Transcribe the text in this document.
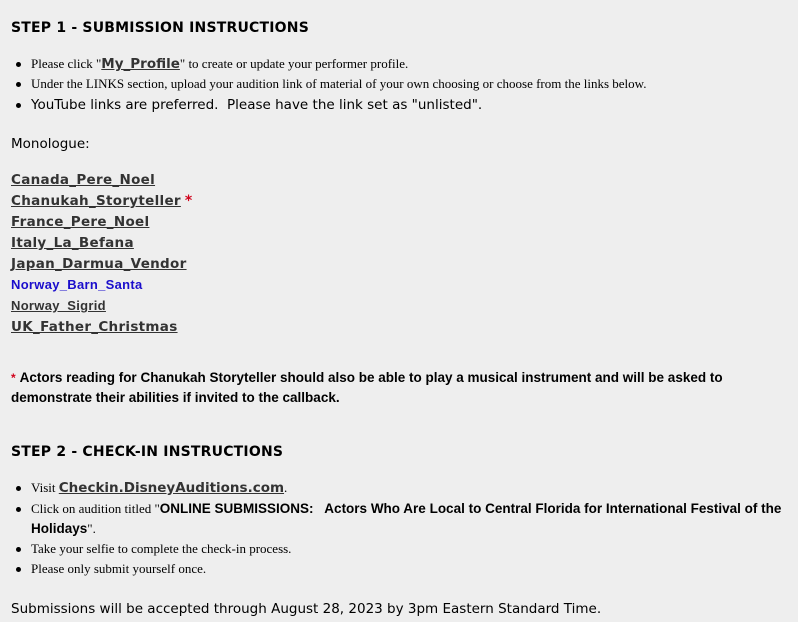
STEP 1 - SUBMISSION INSTRUCTIONS
Please click "My_Profile" to create or update your performer profile.
Under the LINKS section, upload your audition link of material of your own choosing or choose from the links below.
YouTube links are preferred.  Please have the link set as "unlisted".
Monologue:
Canada_Pere_Noel
Chanukah_Storyteller *
France_Pere_Noel
Italy_La_Befana
Japan_Darmua_Vendor
Norway_Barn_Santa
Norway_Sigrid
UK_Father_Christmas
* Actors reading for Chanukah Storyteller should also be able to play a musical instrument and will be asked to demonstrate their abilities if invited to the callback.
STEP 2 - CHECK-IN INSTRUCTIONS
Visit Checkin.DisneyAuditions.com.
Click on audition titled "ONLINE SUBMISSIONS:   Actors Who Are Local to Central Florida for International Festival of the Holidays".
Take your selfie to complete the check-in process.
Please only submit yourself once.
Submissions will be accepted through August 28, 2023 by 3pm Eastern Standard Time.
